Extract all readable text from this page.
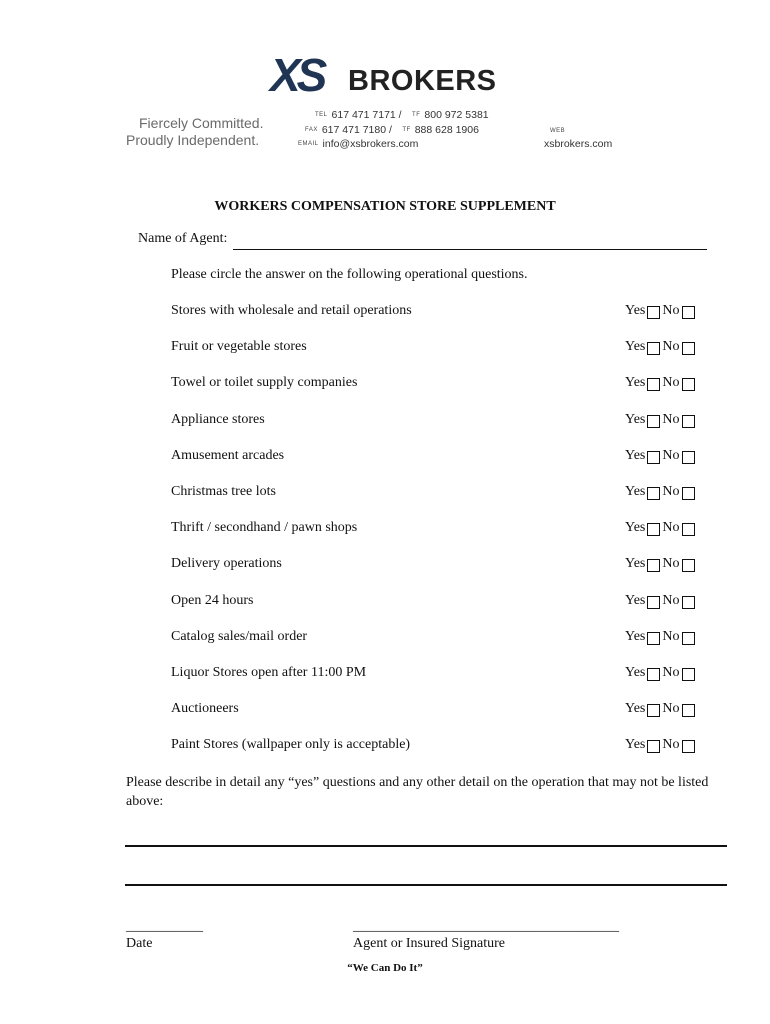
XS BROKERS
Fiercely Committed.
Proudly Independent.
TEL 617 471 7171 / TF 800 972 5381
FAX 617 471 7180 / TF 888 628 1906
EMAIL info@xsbrokers.com
WEB
xsbrokers.com
WORKERS COMPENSATION STORE SUPPLEMENT
Name of Agent:
Please circle the answer on the following operational questions.
Stores with wholesale and retail operations	Yes No
Fruit or vegetable stores	Yes No
Towel or toilet supply companies	Yes No
Appliance stores	Yes No
Amusement arcades	Yes No
Christmas tree lots	Yes No
Thrift / secondhand / pawn shops	Yes No
Delivery operations	Yes No
Open 24 hours	Yes No
Catalog sales/mail order	Yes No
Liquor Stores open after 11:00 PM	Yes No
Auctioneers	Yes No
Paint Stores (wallpaper only is acceptable)	Yes No
Please describe in detail any “yes” questions and any other detail on the operation that may not be listed above:
___________	______________________________________
Date	Agent or Insured Signature
“We Can Do It”
